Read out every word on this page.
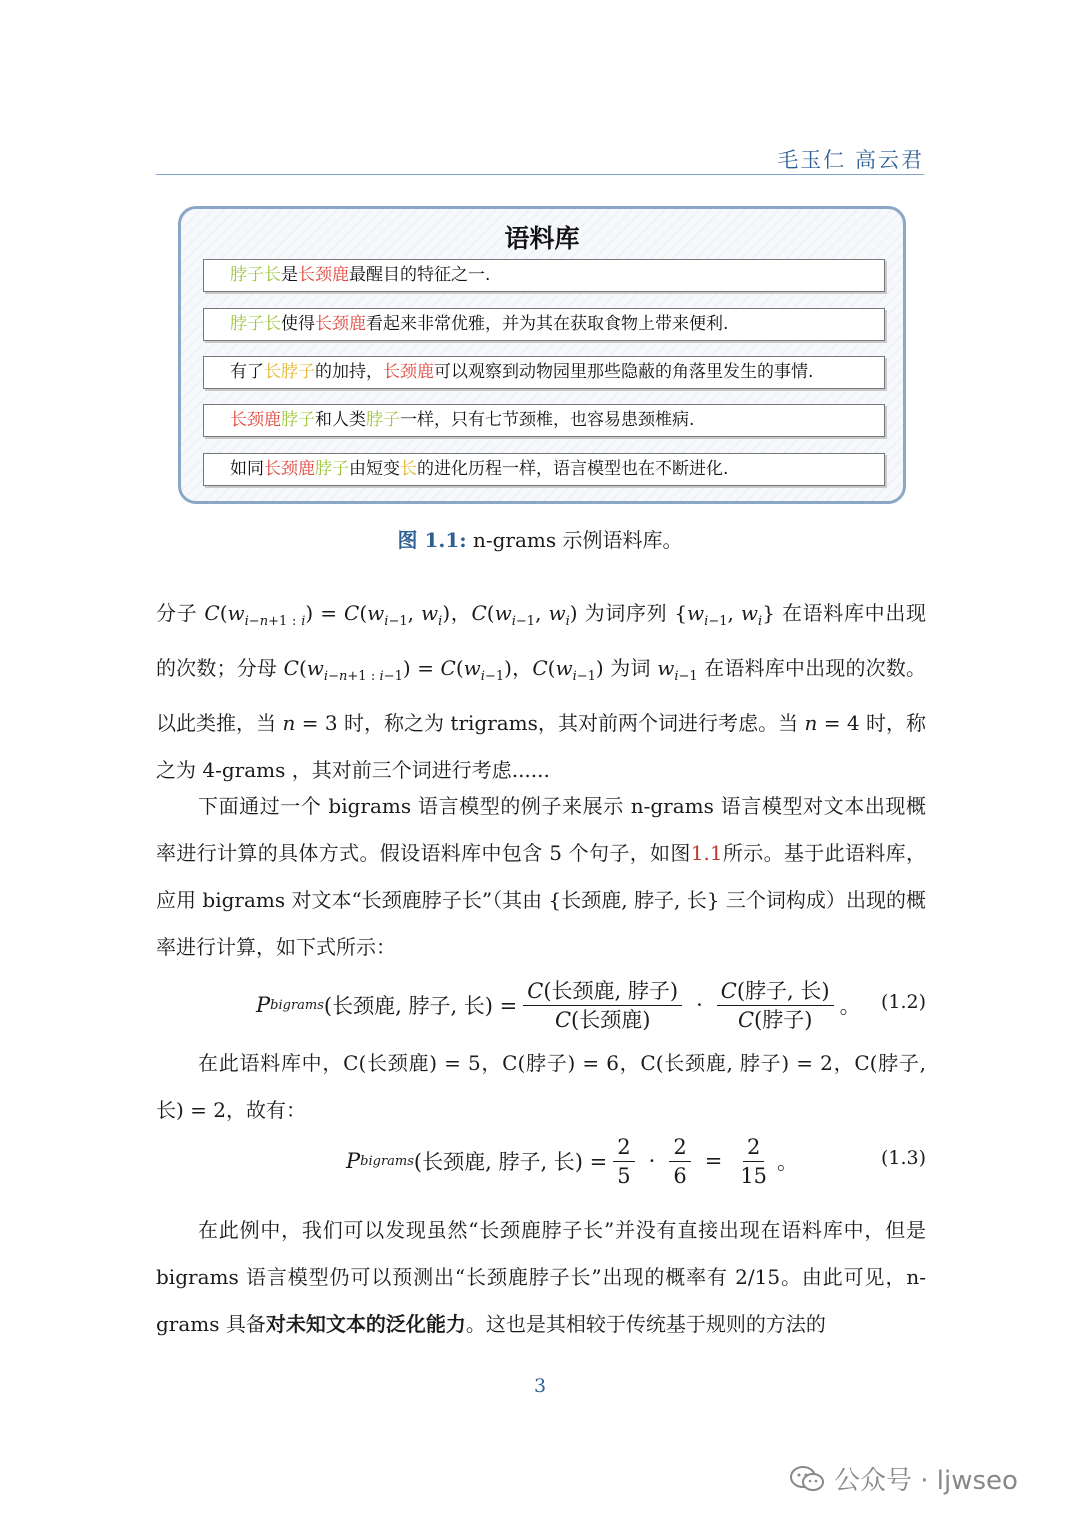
毛玉仁 高云君
语料库
脖子长是长颈鹿最醒目的特征之一.
脖子长使得长颈鹿看起来非常优雅，并为其在获取食物上带来便利.
有了长脖子的加持，长颈鹿可以观察到动物园里那些隐蔽的角落里发生的事情.
长颈鹿脖子和人类脖子一样，只有七节颈椎，也容易患颈椎病.
如同长颈鹿脖子由短变长的进化历程一样，语言模型也在不断进化.
图 1.1: n-grams 示例语料库。
分子 $C(w_{i-n+1 : i}) = C(w_{i-1}$, $w_i$)，$C(w_{i-1}$, $w_i$) 为词序列 {$w_{i-1}$, $w_i$} 在语料库中出现的次数；分母 $C(w_{i-n+1 : i-1}) = C(w_{i-1})$，$C(w_{i-1})$ 为词 $w_{i-1}$ 在语料库中出现的次数。以此类推，当 n = 3 时，称之为 trigrams，其对前两个词进行考虑。当 n = 4 时，称之为 4-grams ，其对前三个词进行考虑......
下面通过一个 bigrams 语言模型的例子来展示 n-grams 语言模型对文本出现概率进行计算的具体方式。假设语料库中包含 5 个句子，如图1.1所示。基于此语料库，应用 bigrams 对文本“长颈鹿脖子长”（其由 {长颈鹿, 脖子, 长} 三个词构成）出现的概率进行计算，如下式所示：
P bigrams (长颈鹿, 脖子, 长) = $\frac{\text{C(长颈鹿, 脖子)}}{\text{C(长颈鹿)}} \cdot \frac{\text{C(脖子, 长)}}{\text{C(脖子)}}$ 。 (1.2)
在此语料库中，C(长颈鹿) = 5，C(脖子) = 6，C(长颈鹿, 脖子) = 2，C(脖子, 长) = 2，故有：
P bigrams (长颈鹿, 脖子, 长) = $\frac{2}{5} \cdot \frac{2}{6} = \frac{2}{15}$ 。	(1.3)
在此例中，我们可以发现虽然“长颈鹿脖子长”并没有直接出现在语料库中，但是 bigrams 语言模型仍可以预测出“长颈鹿脖子长”出现的概率有 2/15。由此可见，n-grams 具备对未知文本的泛化能力。这也是其相较于传统基于规则的方法的
3
公众号 · ljwseo
